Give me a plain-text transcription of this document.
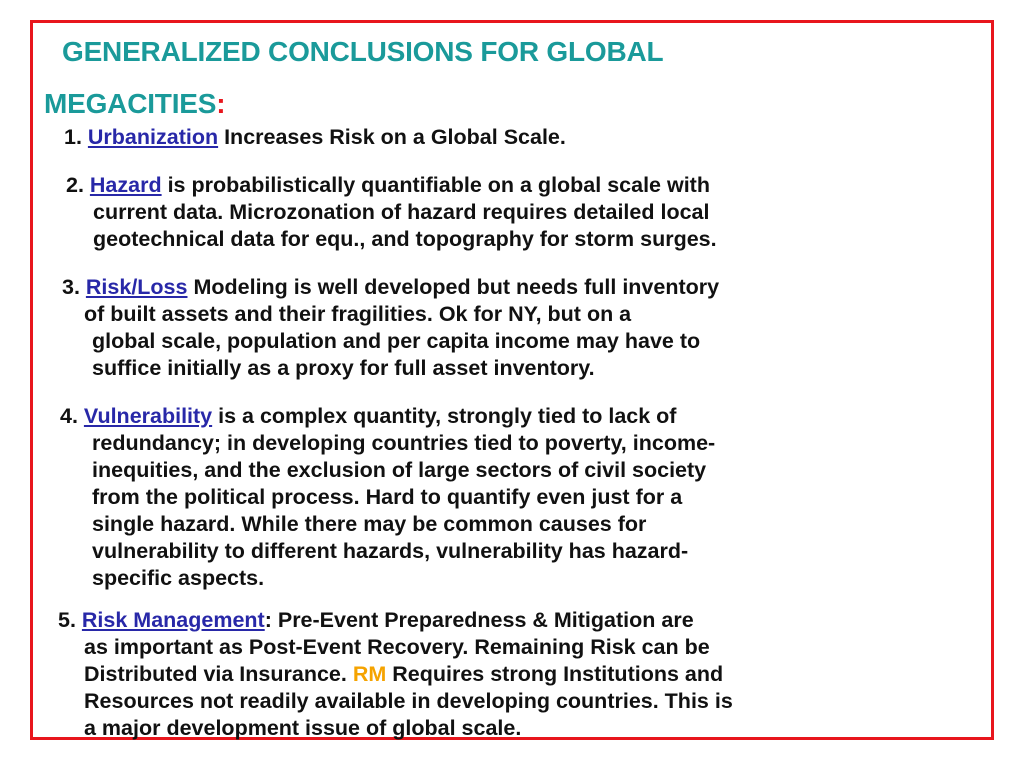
GENERALIZED CONCLUSIONS FOR GLOBAL
MEGACITIES:
1. Urbanization Increases Risk on a Global Scale.
2. Hazard is probabilistically quantifiable on a global scale with
current data. Microzonation of hazard requires detailed local
geotechnical data for equ., and topography for storm surges.
3. Risk/Loss Modeling is well developed but needs full inventory
of built assets and their fragilities. Ok for NY, but on a
global scale, population and per capita income may have to
suffice initially as a proxy for full asset inventory.
4. Vulnerability is a complex quantity, strongly tied to lack of
redundancy; in developing countries tied to poverty, income-
inequities, and the exclusion of large sectors of civil society
from the political process. Hard to quantify even just for a
single hazard. While there may be common causes for
vulnerability to different hazards, vulnerability has hazard-
specific aspects.
5. Risk Management: Pre-Event Preparedness & Mitigation are
as important as Post-Event Recovery. Remaining Risk can be
Distributed via Insurance. RM Requires strong Institutions and
Resources not readily available in developing countries. This is
a major development issue of global scale.
